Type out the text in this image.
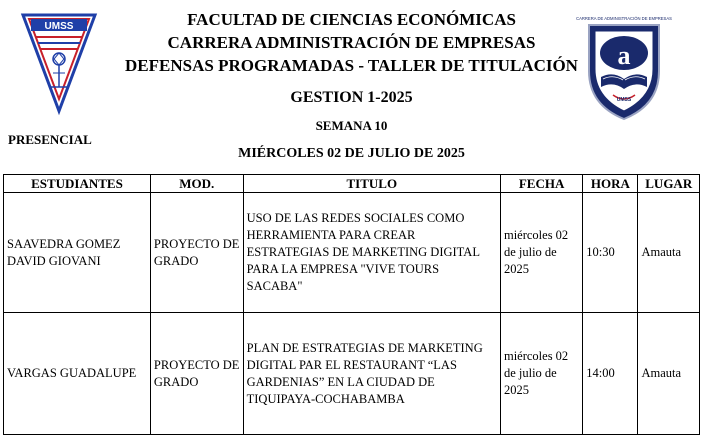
UMSS
CARRERA DE ADMINISTRACIÓN DE EMPRESAS
a
UMSS
FACULTAD DE CIENCIAS ECONÓMICAS
CARRERA ADMINISTRACIÓN DE EMPRESAS
DEFENSAS PROGRAMADAS - TALLER DE TITULACIÓN
GESTION 1-2025
SEMANA 10
MIÉRCOLES 02 DE JULIO DE 2025
PRESENCIAL
ESTUDIANTES	MOD.	TITULO	FECHA	HORA	LUGAR
SAAVEDRA GOMEZ DAVID GIOVANI	PROYECTO DE GRADO	USO DE LAS REDES SOCIALES COMO HERRAMIENTA PARA CREAR ESTRATEGIAS DE MARKETING DIGITAL PARA LA EMPRESA "VIVE TOURS SACABA"	miércoles 02 de julio de 2025	10:30	Amauta
VARGAS GUADALUPE	PROYECTO DE GRADO	PLAN DE ESTRATEGIAS DE MARKETING DIGITAL PAR EL RESTAURANT “LAS GARDENIAS” EN LA CIUDAD DE TIQUIPAYA-COCHABAMBA	miércoles 02 de julio de 2025	14:00	Amauta
